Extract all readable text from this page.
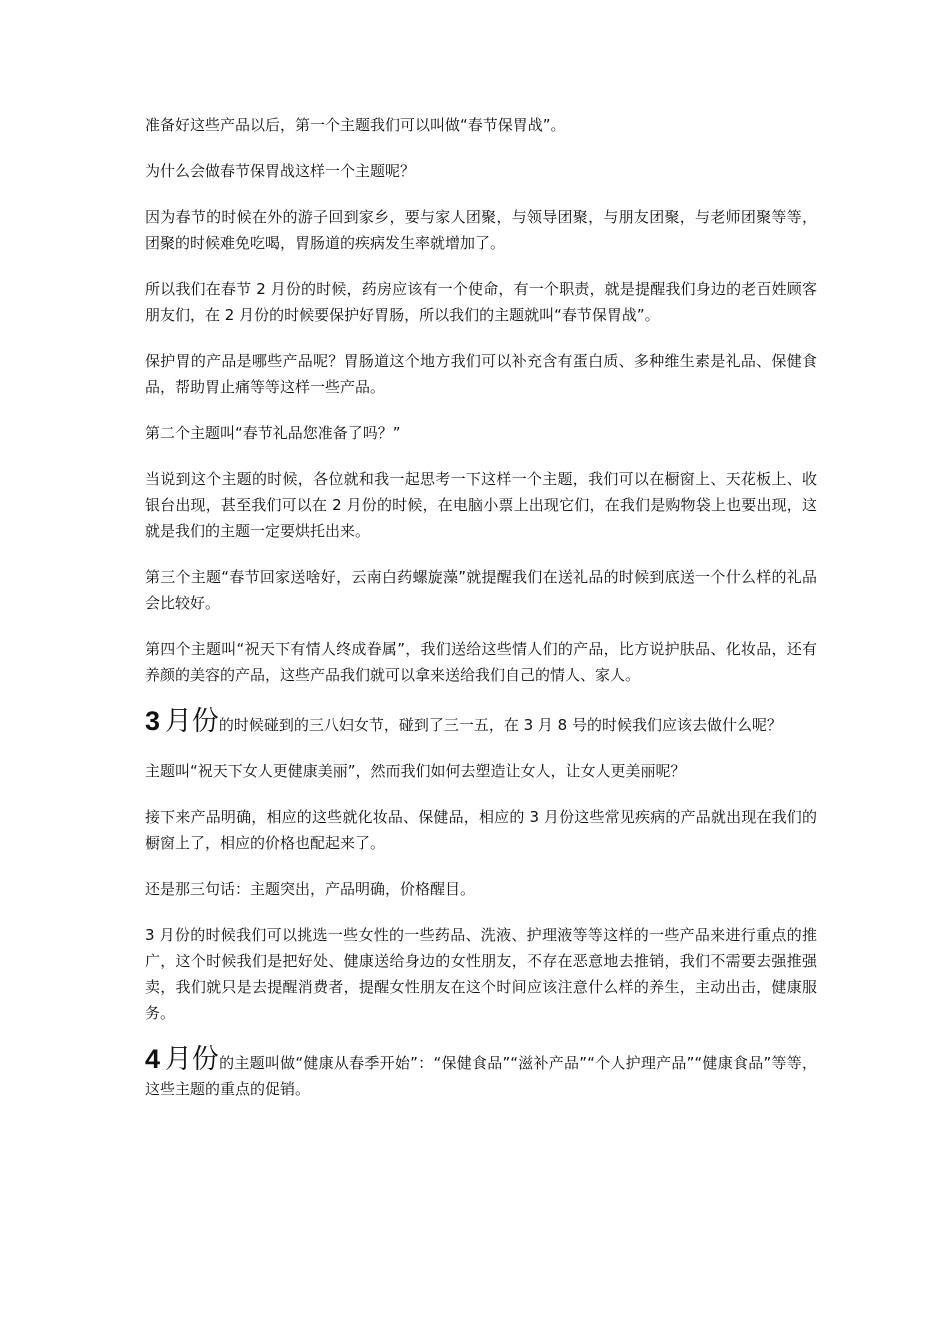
准备好这些产品以后，第一个主题我们可以叫做“春节保胃战”。

为什么会做春节保胃战这样一个主题呢？

因为春节的时候在外的游子回到家乡，要与家人团聚，与领导团聚，与朋友团聚，与老师团聚等等，团聚的时候难免吃喝，胃肠道的疾病发生率就增加了。

所以我们在春节 2 月份的时候，药房应该有一个使命，有一个职责，就是提醒我们身边的老百姓顾客朋友们，在 2 月份的时候要保护好胃肠，所以我们的主题就叫“春节保胃战”。

保护胃的产品是哪些产品呢？胃肠道这个地方我们可以补充含有蛋白质、多种维生素是礼品、保健食品，帮助胃止痛等等这样一些产品。

第二个主题叫“春节礼品您准备了吗？”

当说到这个主题的时候，各位就和我一起思考一下这样一个主题，我们可以在橱窗上、天花板上、收银台出现，甚至我们可以在 2 月份的时候，在电脑小票上出现它们，在我们是购物袋上也要出现，这就是我们的主题一定要烘托出来。

第三个主题“春节回家送啥好，云南白药螺旋藻”就提醒我们在送礼品的时候到底送一个什么样的礼品会比较好。

第四个主题叫“祝天下有情人终成眷属”，我们送给这些情人们的产品，比方说护肤品、化妆品，还有养颜的美容的产品，这些产品我们就可以拿来送给我们自己的情人、家人。

3 月份的时候碰到的三八妇女节，碰到了三一五，在 3 月 8 号的时候我们应该去做什么呢？

主题叫“祝天下女人更健康美丽”，然而我们如何去塑造让女人，让女人更美丽呢？

接下来产品明确，相应的这些就化妆品、保健品，相应的 3 月份这些常见疾病的产品就出现在我们的橱窗上了，相应的价格也配起来了。

还是那三句话：主题突出，产品明确，价格醒目。

3 月份的时候我们可以挑选一些女性的一些药品、洗液、护理液等等这样的一些产品来进行重点的推广，这个时候我们是把好处、健康送给身边的女性朋友，不存在恶意地去推销，我们不需要去强推强卖，我们就只是去提醒消费者，提醒女性朋友在这个时间应该注意什么样的养生，主动出击，健康服务。

4 月份的主题叫做“健康从春季开始”：“保健食品”“滋补产品”“个人护理产品”“健康食品”等等，这些主题的重点的促销。
